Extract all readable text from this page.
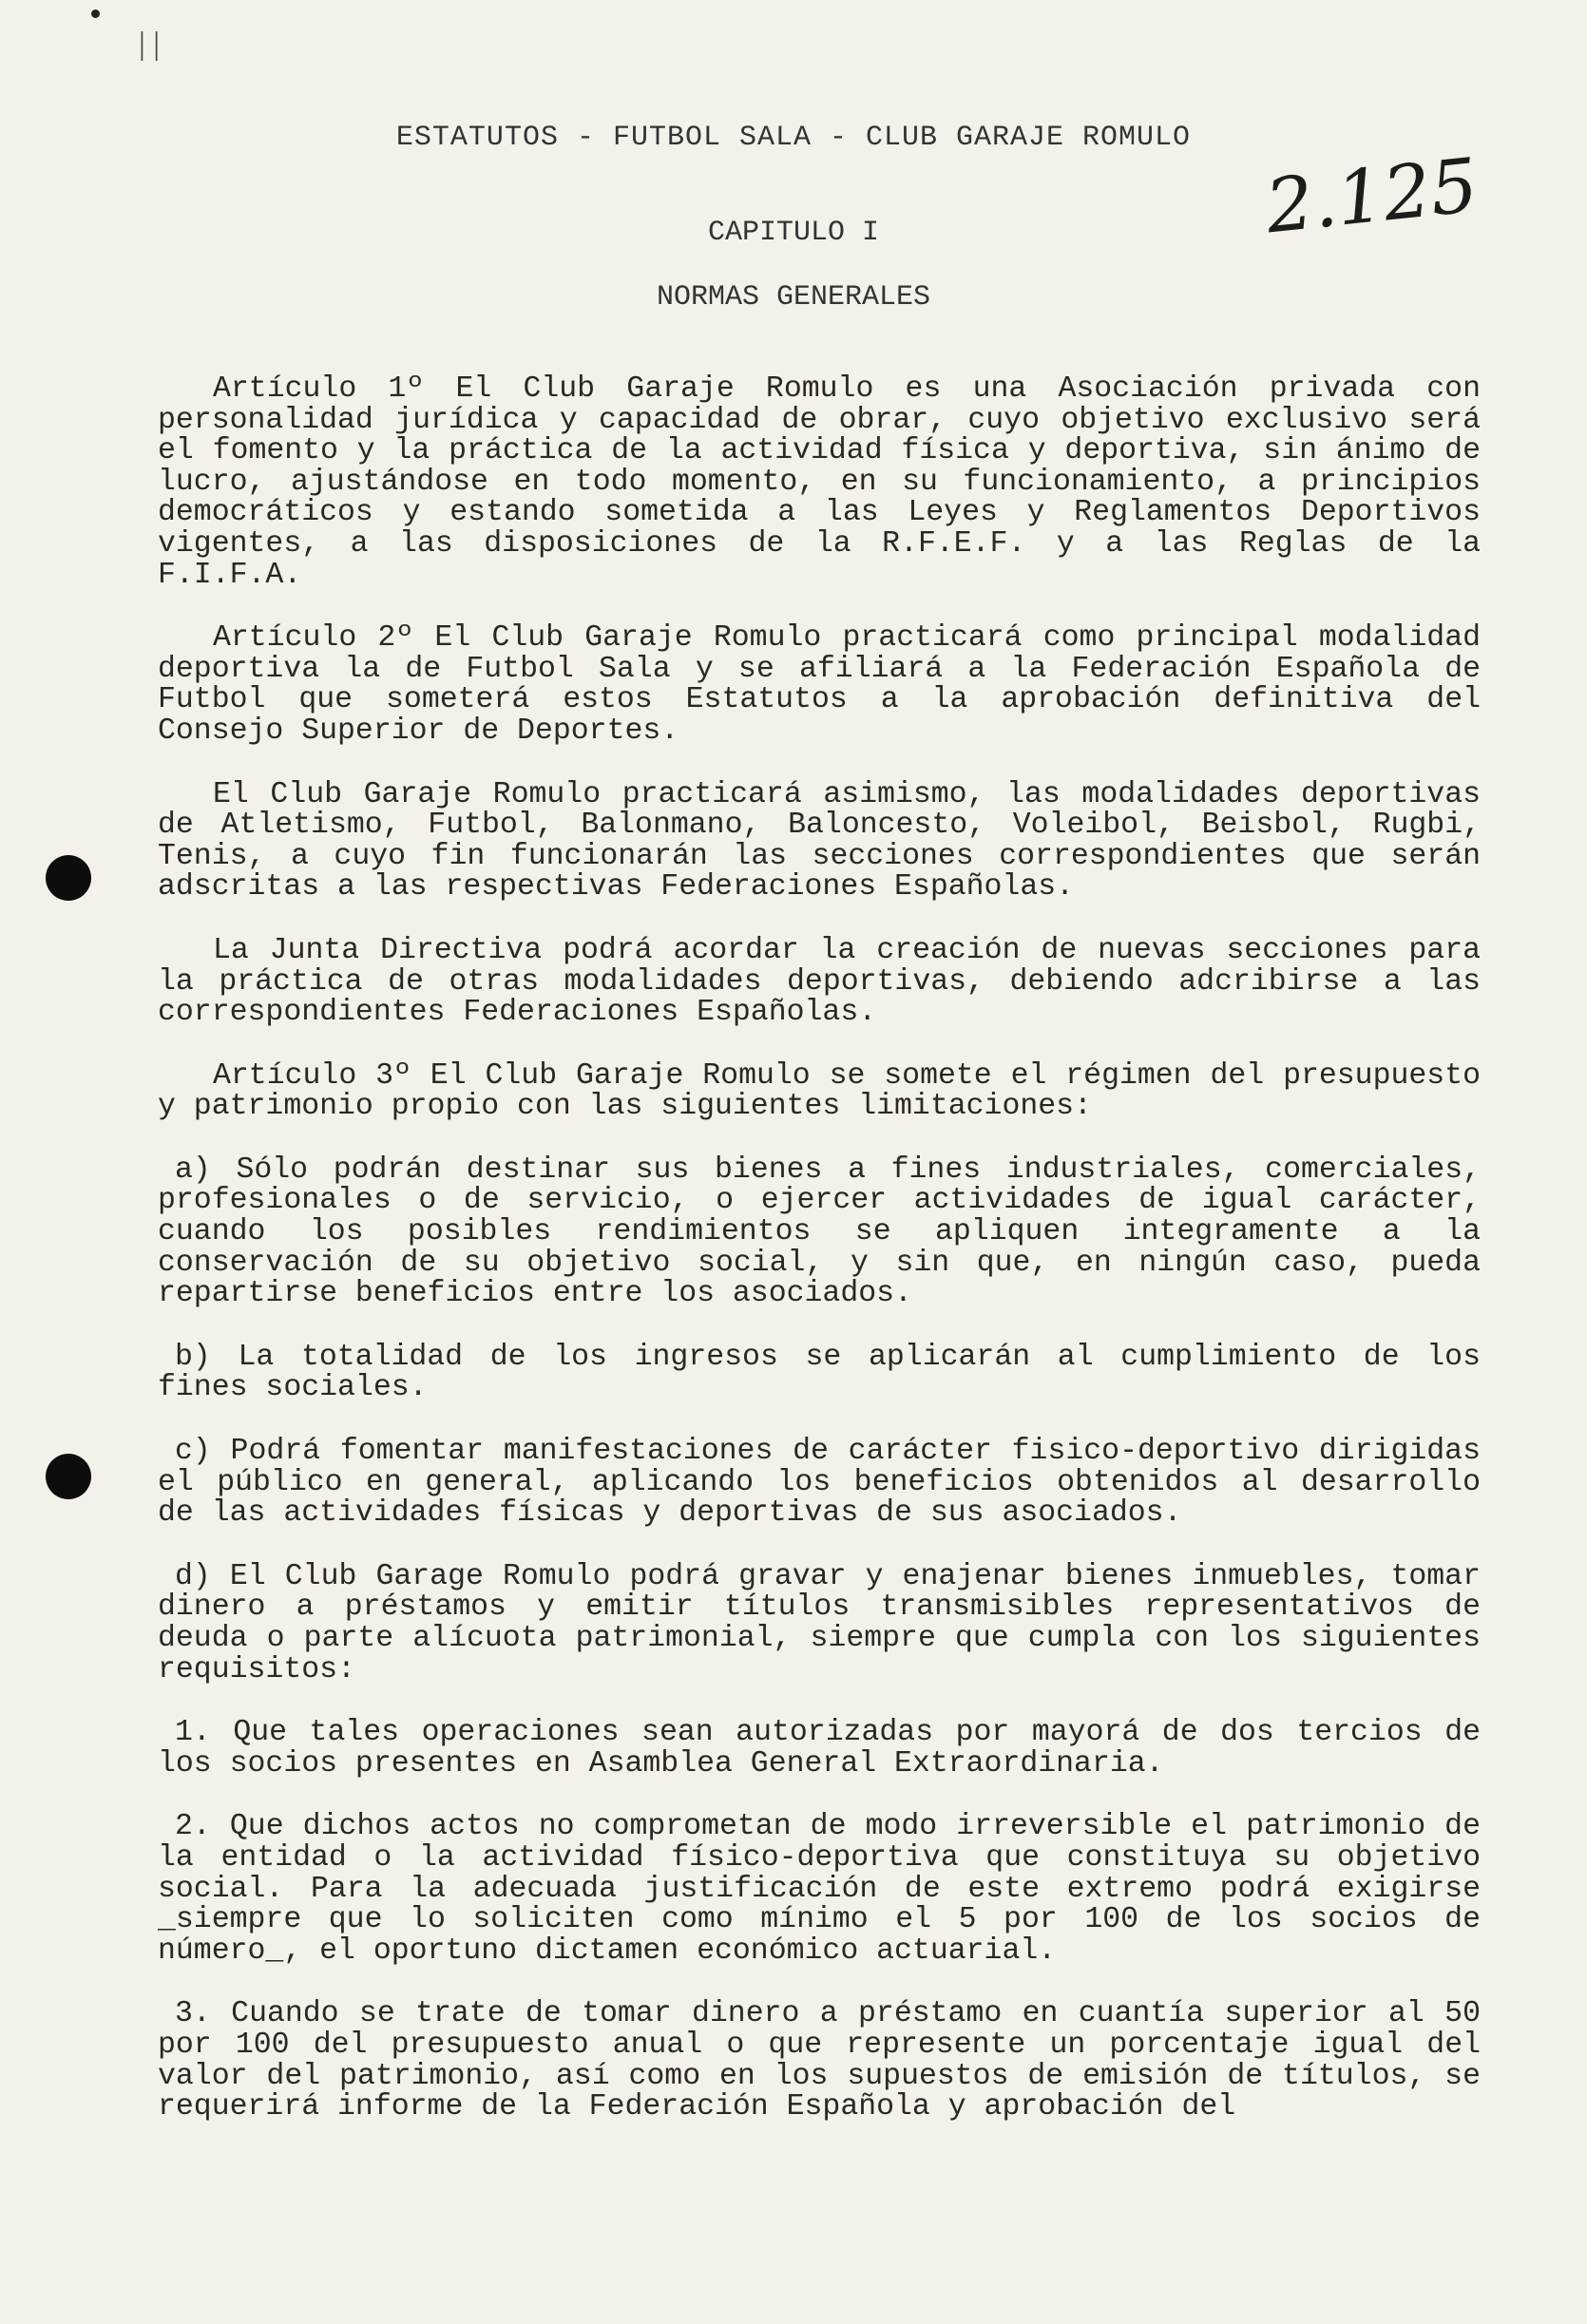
| |
ESTATUTOS - FUTBOL SALA - CLUB GARAJE ROMULO
2.125
CAPITULO I
NORMAS GENERALES

Artículo 1º El Club Garaje Romulo es una Asociación privada con personalidad jurídica y capacidad de obrar, cuyo objetivo exclusivo será el fomento y la práctica de la actividad física y deportiva, sin ánimo de lucro, ajustándose en todo momento, en su funcionamiento, a principios democráticos y estando sometida a las Leyes y Reglamentos Deportivos vigentes, a las disposiciones de la R.F.E.F. y a las Reglas de la F.I.F.A.

Artículo 2º El Club Garaje Romulo practicará como principal modalidad deportiva la de Futbol Sala y se afiliará a la Federación Española de Futbol que someterá estos Estatutos a la aprobación definitiva del Consejo Superior de Deportes.

El Club Garaje Romulo practicará asimismo, las modalidades deportivas de Atletismo, Futbol, Balonmano, Baloncesto, Voleibol, Beisbol, Rugbi, Tenis, a cuyo fin funcionarán las secciones correspondientes que serán adscritas a las respectivas Federaciones Españolas.

La Junta Directiva podrá acordar la creación de nuevas secciones para la práctica de otras modalidades deportivas, debiendo adcribirse a las correspondientes Federaciones Españolas.

Artículo 3º El Club Garaje Romulo se somete el régimen del presupuesto y patrimonio propio con las siguientes limitaciones:

a) Sólo podrán destinar sus bienes a fines industriales, comerciales, profesionales o de servicio, o ejercer actividades de igual carácter, cuando los posibles rendimientos se apliquen integramente a la conservación de su objetivo social, y sin que, en ningún caso, pueda repartirse beneficios entre los asociados.

b) La totalidad de los ingresos se aplicarán al cumplimiento de los fines sociales.

c) Podrá fomentar manifestaciones de carácter fisico-deportivo dirigidas el público en general, aplicando los beneficios obtenidos al desarrollo de las actividades físicas y deportivas de sus asociados.

d) El Club Garage Romulo podrá gravar y enajenar bienes inmuebles, tomar dinero a préstamos y emitir títulos transmisibles representativos de deuda o parte alícuota patrimonial, siempre que cumpla con los siguientes requisitos:

1. Que tales operaciones sean autorizadas por mayorá de dos tercios de los socios presentes en Asamblea General Extraordinaria.

2. Que dichos actos no comprometan de modo irreversible el patrimonio de la entidad o la actividad físico-deportiva que constituya su objetivo social. Para la adecuada justificación de este extremo podrá exigirse _siempre que lo soliciten como mínimo el 5 por 100 de los socios de número_, el oportuno dictamen económico actuarial.

3. Cuando se trate de tomar dinero a préstamo en cuantía superior al 50 por 100 del presupuesto anual o que represente un porcentaje igual del valor del patrimonio, así como en los supuestos de emisión de títulos, se requerirá informe de la Federación Española y aprobación del
